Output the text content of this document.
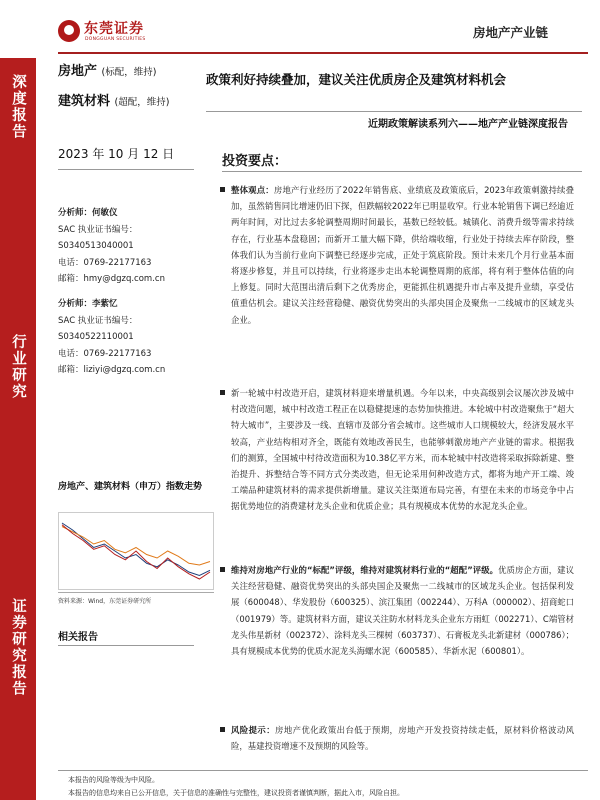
东莞证券
DONGGUAN SECURITIES	房地产产业链
深度报告
行业研究
证券研究报告
房地产 (标配，维持)
建筑材料 (超配，维持)
政策利好持续叠加，建议关注优质房企及建筑材料机会
近期政策解读系列六——地产产业链深度报告
2023 年 10 月 12 日
分析师：何敏仪
SAC 执业证书编号：
S0340513040001
电话：0769-22177163
邮箱：hmy@dgzq.com.cn
分析师：李紫忆
SAC 执业证书编号：
S0340522110001
电话：0769-22177163
邮箱：liziyi@dgzq.com.cn
房地产、建筑材料（申万）指数走势
资料来源：Wind，东莞证券研究所
相关报告
投资要点：
整体观点：房地产行业经历了2022年销售底、业绩底及政策底后，2023年政策刺激持续叠加，虽然销售同比增速仍旧下探，但跌幅较2022年已明显收窄。行业本轮销售下调已经逾近两年时间，对比过去多轮调整周期时间最长，基数已经较低。城镇化、消费升级等需求持续存在，行业基本盘稳固；而新开工量大幅下降，供给端收缩，行业处于持续去库存阶段，整体我们认为当前行业向下调整已经逐步完成，正处于筑底阶段。预计未来几个月行业基本面将逐步修复，并且可以持续，行业将逐步走出本轮调整周期的底部，将有利于整体估值的向上修复。同时大范围出清后剩下之优秀房企，更能抓住机遇提升市占率及提升业绩，享受估值重估机会。建议关注经营稳健、融资优势突出的头部央国企及聚焦一二线城市的区域龙头企业。
新一轮城中村改造开启，建筑材料迎来增量机遇。今年以来，中央高级别会议屡次涉及城中村改造问题，城中村改造工程正在以稳健提速的态势加快推进。本轮城中村改造聚焦于“超大特大城市”，主要涉及一线、直辖市及部分省会城市。这些城市人口规模较大，经济发展水平较高，产业结构相对齐全，既能有效地改善民生，也能够刺激房地产产业链的需求。根据我们的测算，全国城中村待改造面积为10.38亿平方米，而本轮城中村改造将采取拆除新建、整治提升、拆整结合等不同方式分类改造，但无论采用何种改造方式，都将为地产开工端、竣工端品种建筑材料的需求提供新增量。建议关注渠道布局完善，有望在未来的市场竞争中占据优势地位的消费建材龙头企业和优质企业；具有规模成本优势的水泥龙头企业。
维持对房地产行业的“标配”评级，维持对建筑材料行业的“超配”评级。优质房企方面，建议关注经营稳健、融资优势突出的头部央国企及聚焦一二线城市的区域龙头企业。包括保利发展（600048）、华发股份（600325）、滨江集团（002244）、万科A（000002）、招商蛇口（001979）等。建筑材料方面，建议关注防水材料龙头企业东方雨虹（002271）、C端管材龙头伟星新材（002372）、涂料龙头三棵树（603737）、石膏板龙头北新建材（000786）；具有规模成本优势的优质水泥龙头海螺水泥（600585）、华新水泥（600801）。
风险提示：房地产优化政策出台低于预期，房地产开发投资持续走低，原材料价格波动风险，基建投资增速不及预期的风险等。
本报告的风险等级为中风险。
本报告的信息均来自已公开信息，关于信息的准确性与完整性，建议投资者谨慎判断，据此入市，风险自担。
